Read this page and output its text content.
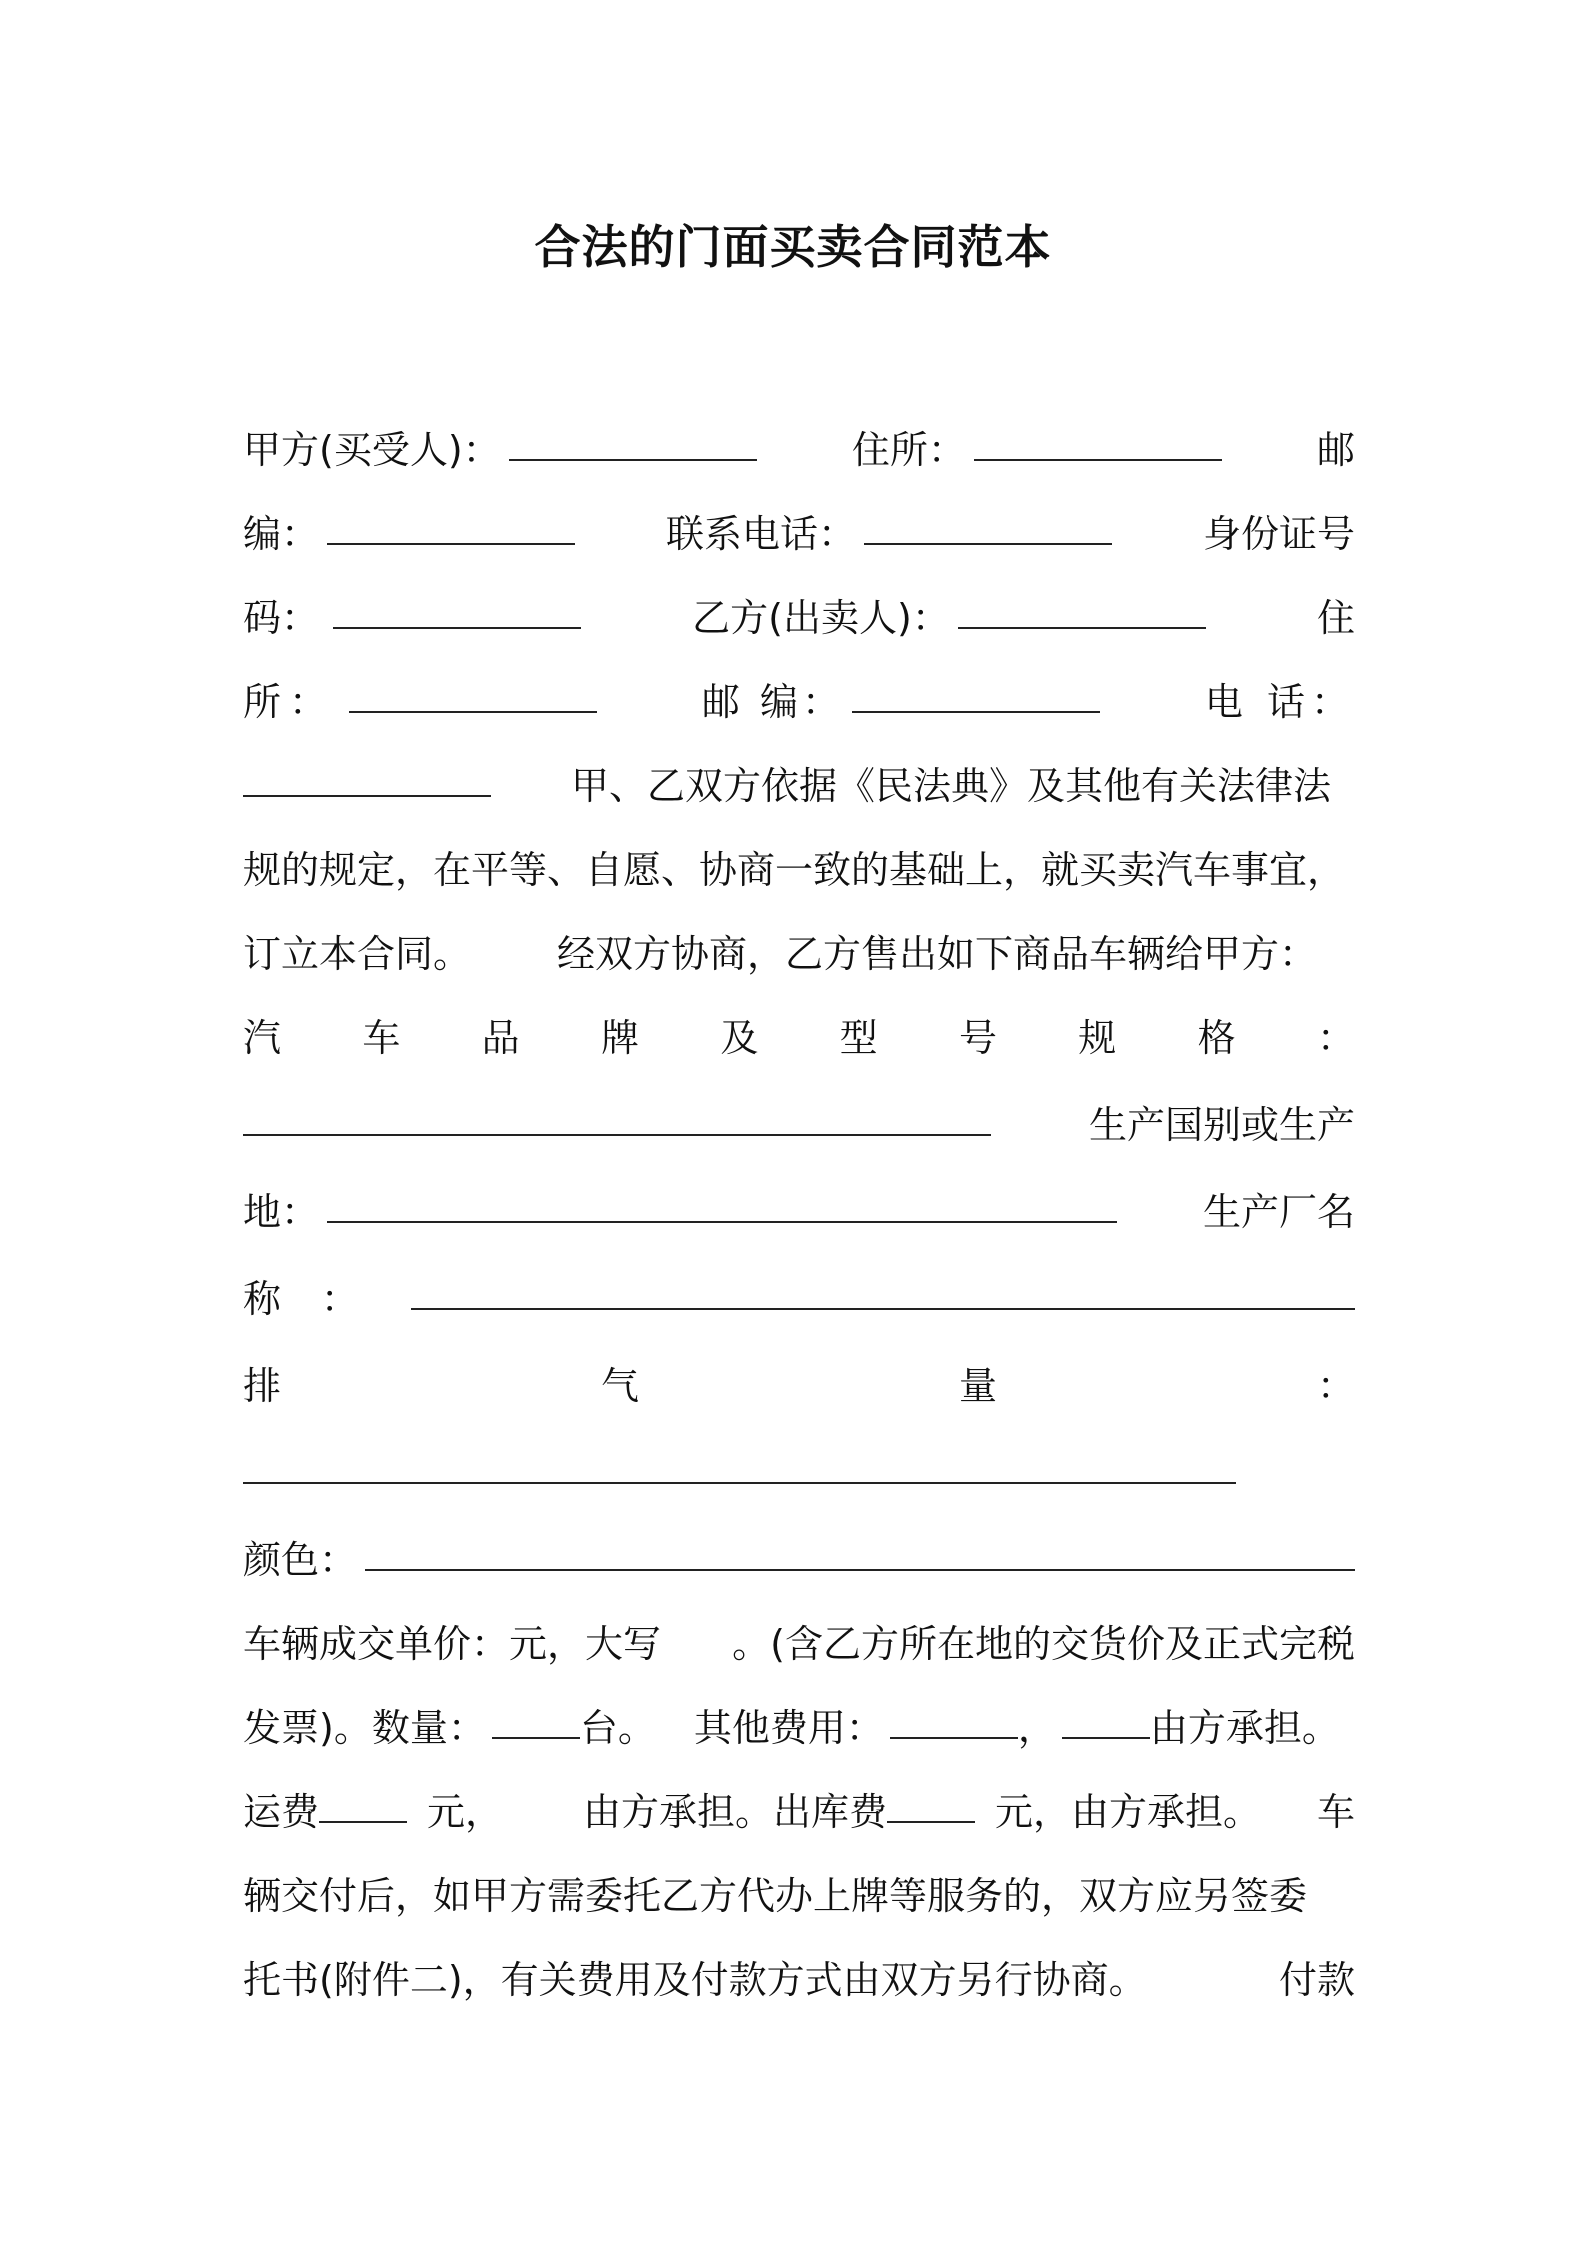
合法的门面买卖合同范本
甲方(买受人)：	住所：	邮
编：	联系电话：	身份证号
码：	乙方(出卖人)：	住
所：	邮 编：	电 话：
甲、乙双方依据《民法典》及其他有关法律法
规的规定，在平等、自愿、协商一致的基础上，就买卖汽车事宜，
订立本合同。 经双方协商，乙方售出如下商品车辆给甲方：
汽 车 品 牌 及 型 号 规 格 ：
生产国别或生产
地：	生产厂名
称 ：
排	气	量	：
颜色：
车辆成交单价：元，大写 。(含乙方所在地的交货价及正式完税
发票)。数量： 台。 其他费用：	， 由方承担。
运费	元， 由方承担。出库费	元，由方承担。 车
辆交付后，如甲方需委托乙方代办上牌等服务的，双方应另签委
托书(附件二)，有关费用及付款方式由双方另行协商。	付款
